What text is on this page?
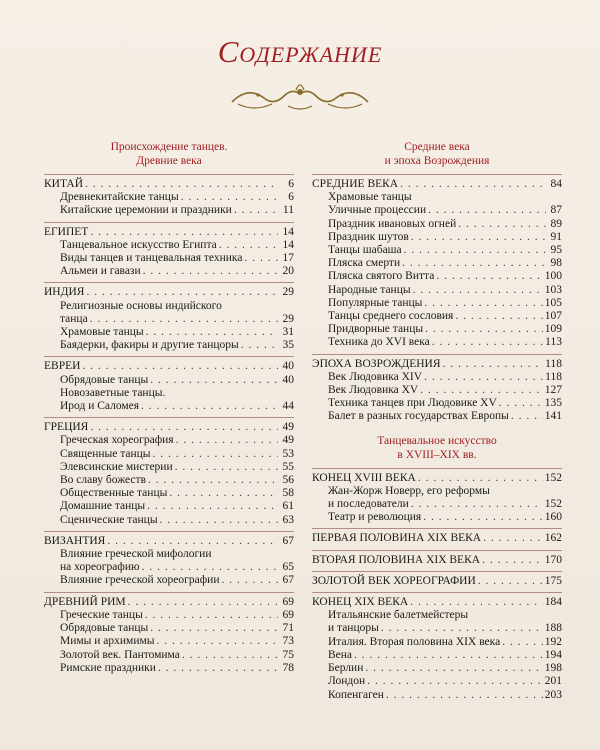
Содержание
Происхождение танцев.
Древние века
КИТАЙ . . .	6
Древнекитайские танцы . . .	6
Китайские церемонии и праздники . . .	11
ЕГИПЕТ . . .	14
Танцевальное искусство Египта . . .	14
Виды танцев и танцевальная техника . . .	17
Альмеи и гавази . . .	20
ИНДИЯ . . .	29
Религиозные основы индийского
танца . . .	29
Храмовые танцы . . .	31
Баядерки, факиры и другие танцоры . . .	35
ЕВРЕИ . . .	40
Обрядовые танцы . . .	40
Новозаветные танцы.
Ирод и Саломея . . .	44
ГРЕЦИЯ . . .	49
Греческая хореография . . .	49
Священные танцы . . .	53
Элевсинские мистерии . . .	55
Во славу божеств . . .	56
Общественные танцы . . .	58
Домашние танцы . . .	61
Сценические танцы . . .	63
ВИЗАНТИЯ . . .	67
Влияние греческой мифологии
на хореографию . . .	65
Влияние греческой хореографии . . .	67
ДРЕВНИЙ РИМ . . .	69
Греческие танцы . . .	69
Обрядовые танцы . . .	71
Мимы и архимимы . . .	73
Золотой век. Пантомима . . .	75
Римские праздники . . .	78
Средние века
и эпоха Возрождения
СРЕДНИЕ ВЕКА . . .	84
Храмовые танцы
Уличные процессии . . .	87
Праздник ивановых огней . . .	89
Праздник шутов . . .	91
Танцы шабаша . . .	95
Пляска смерти . . .	98
Пляска святого Витта . . .	100
Народные танцы . . .	103
Популярные танцы . . .	105
Танцы среднего сословия . . .	107
Придворные танцы . . .	109
Техника до XVI века . . .	113
ЭПОХА ВОЗРОЖДЕНИЯ . . .	118
Век Людовика XIV . . .	118
Век Людовика XV . . .	127
Техника танцев при Людовике XV . . .	135
Балет в разных государствах Европы . . .	141
Танцевальное искусство
в XVIII–XIX вв.
КОНЕЦ XVIII ВЕКА . . .	152
Жан-Жорж Новерр, его реформы
и последователи . . .	152
Театр и революция . . .	160
ПЕРВАЯ ПОЛОВИНА XIX ВЕКА . . .	162
ВТОРАЯ ПОЛОВИНА XIX ВЕКА . . .	170
ЗОЛОТОЙ ВЕК ХОРЕОГРАФИИ . . .	175
КОНЕЦ XIX ВЕКА . . .	184
Итальянские балетмейстеры
и танцоры . . .	188
Италия. Вторая половина XIX века . . .	192
Вена . . .	194
Берлин . . .	198
Лондон . . .	201
Копенгаген . . .	203
